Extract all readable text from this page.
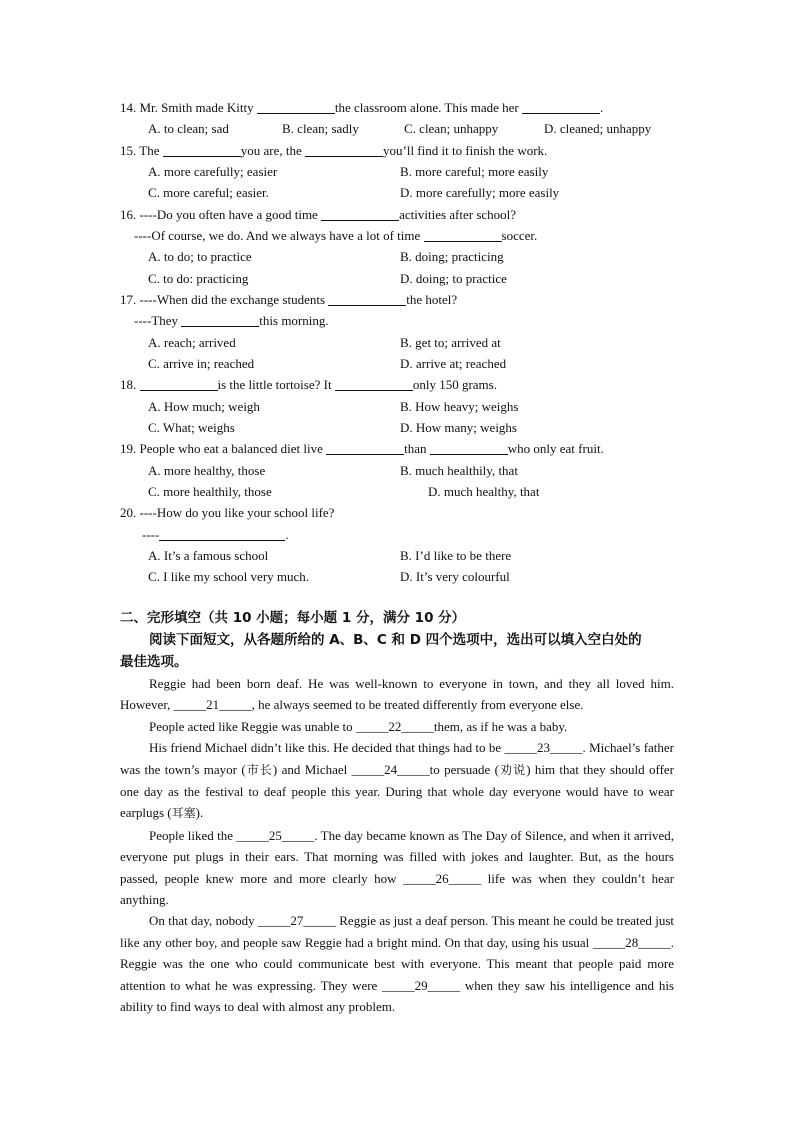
14. Mr. Smith made Kitty	the classroom alone. This made her	.
A. to clean; sad	B. clean; sadly	C. clean; unhappy	D. cleaned; unhappy
15. The	you are, the	you’ll find it to finish the work.
A. more carefully; easier	B. more careful; more easily
C. more careful; easier.	D. more carefully; more easily
16. ----Do you often have a good time	activities after school?
----Of course, we do. And we always have a lot of time	soccer.
A. to do; to practice	B. doing; practicing
C. to do: practicing	D. doing; to practice
17. ----When did the exchange students	the hotel?
----They	this morning.
A. reach; arrived	B. get to; arrived at
C. arrive in; reached	D. arrive at; reached
18.	is the little tortoise? It	only 150 grams.
A. How much; weigh	B. How heavy; weighs
C. What; weighs	D. How many; weighs
19. People who eat a balanced diet live	than	who only eat fruit.
A. more healthy, those	B. much healthily, that
C. more healthily, those	D. much healthy, that
20. ----How do you like your school life?
----	.
A. It’s a famous school	B. I’d like to be there
C. I like my school very much.	D. It’s very colourful
二、完形填空（共 10 小题；每小题 1 分，满分 10 分）
阅读下面短文，从各题所给的 A、B、C 和 D 四个选项中，选出可以填入空白处的
最佳选项。

Reggie had been born deaf. He was well-known to everyone in town, and they all loved him. However, _____21_____, he always seemed to be treated differently from everyone else.

People acted like Reggie was unable to _____22_____them, as if he was a baby.

His friend Michael didn’t like this. He decided that things had to be _____23_____. Michael’s father was the town’s mayor (市长) and Michael _____24_____to persuade (劝说) him that they should offer one day as the festival to deaf people this year. During that whole day everyone would have to wear earplugs (耳塞).

People liked the _____25_____. The day became known as The Day of Silence, and when it arrived, everyone put plugs in their ears. That morning was filled with jokes and laughter. But, as the hours passed, people knew more and more clearly how _____26_____ life was when they couldn’t hear anything.

On that day, nobody _____27_____ Reggie as just a deaf person. This meant he could be treated just like any other boy, and people saw Reggie had a bright mind. On that day, using his usual _____28_____. Reggie was the one who could communicate best with everyone. This meant that people paid more attention to what he was expressing. They were _____29_____ when they saw his intelligence and his ability to find ways to deal with almost any problem.
